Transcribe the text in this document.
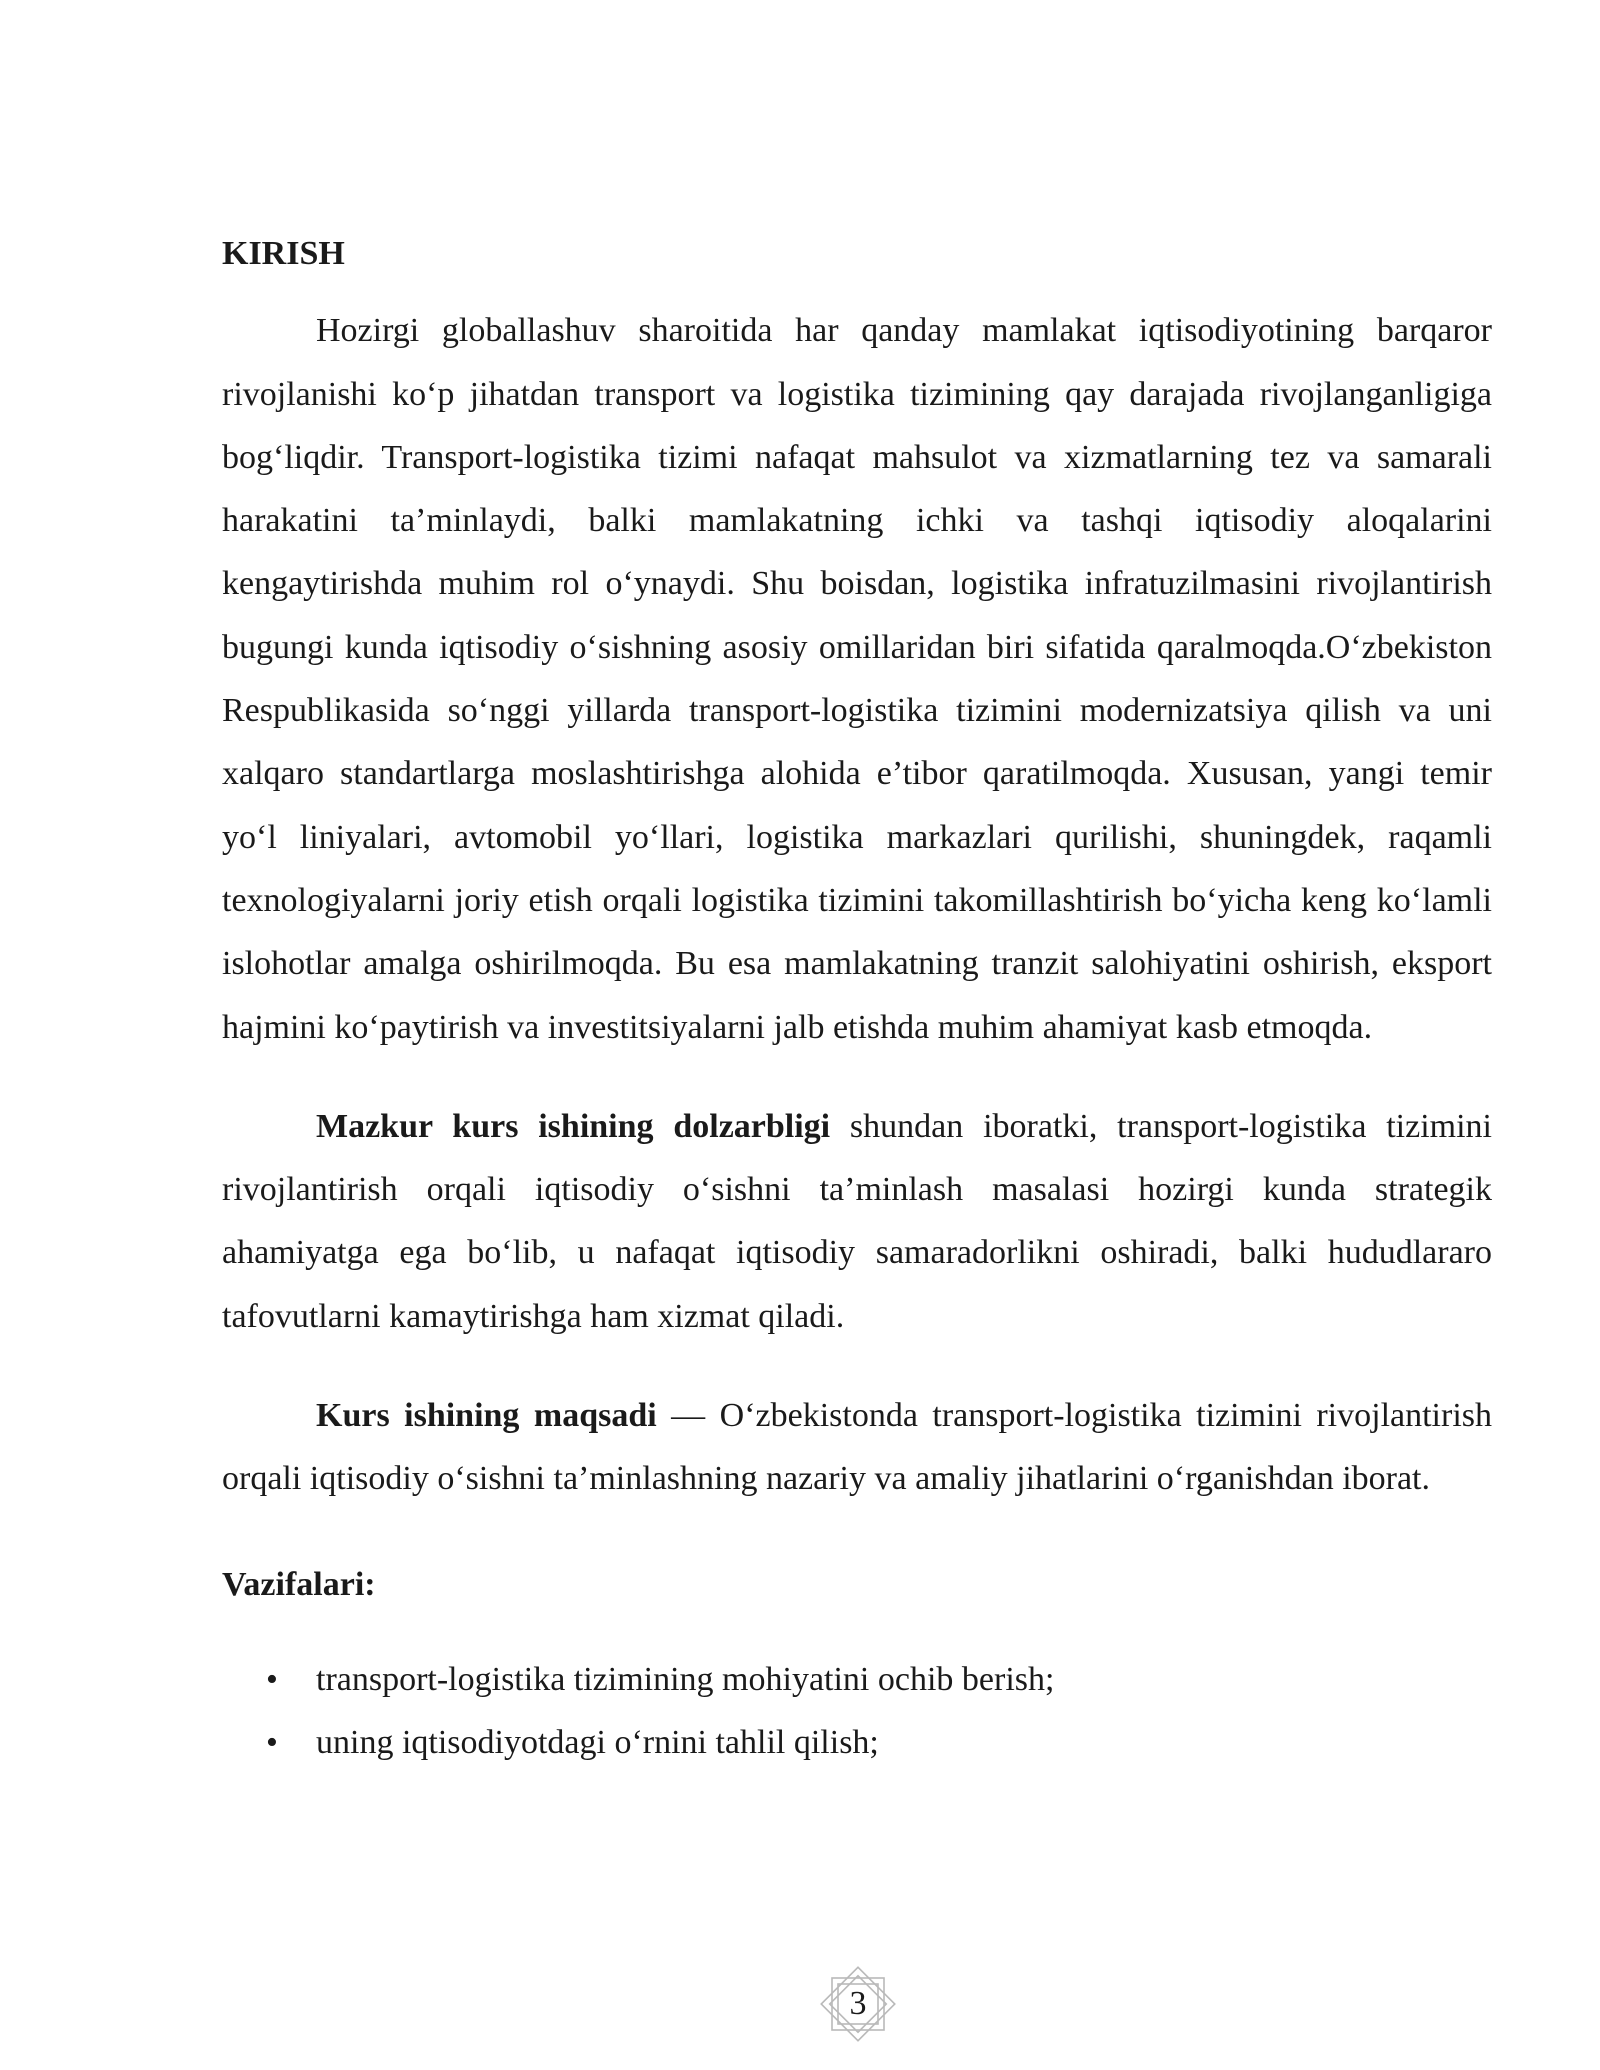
KIRISH

Hozirgi globallashuv sharoitida har qanday mamlakat iqtisodiyotining barqaror rivojlanishi ko‘p jihatdan transport va logistika tizimining qay darajada rivojlanganligiga bog‘liqdir. Transport-logistika tizimi nafaqat mahsulot va xizmatlarning tez va samarali harakatini ta’minlaydi, balki mamlakatning ichki va tashqi iqtisodiy aloqalarini kengaytirishda muhim rol o‘ynaydi. Shu boisdan, logistika infratuzilmasini rivojlantirish bugungi kunda iqtisodiy o‘sishning asosiy omillaridan biri sifatida qaralmoqda.O‘zbekiston Respublikasida so‘nggi yillarda transport-logistika tizimini modernizatsiya qilish va uni xalqaro standartlarga moslashtirishga alohida e’tibor qaratilmoqda. Xususan, yangi temir yo‘l liniyalari, avtomobil yo‘llari, logistika markazlari qurilishi, shuningdek, raqamli texnologiyalarni joriy etish orqali logistika tizimini takomillashtirish bo‘yicha keng ko‘lamli islohotlar amalga oshirilmoqda. Bu esa mamlakatning tranzit salohiyatini oshirish, eksport hajmini ko‘paytirish va investitsiyalarni jalb etishda muhim ahamiyat kasb etmoqda.

Mazkur kurs ishining dolzarbligi shundan iboratki, transport-logistika tizimini rivojlantirish orqali iqtisodiy o‘sishni ta’minlash masalasi hozirgi kunda strategik ahamiyatga ega bo‘lib, u nafaqat iqtisodiy samaradorlikni oshiradi, balki hududlararo tafovutlarni kamaytirishga ham xizmat qiladi.

Kurs ishining maqsadi — O‘zbekistonda transport-logistika tizimini rivojlantirish orqali iqtisodiy o‘sishni ta’minlashning nazariy va amaliy jihatlarini o‘rganishdan iborat.

Vazifalari:
• transport-logistika tizimining mohiyatini ochib berish;
• uning iqtisodiyotdagi o‘rnini tahlil qilish;
3
